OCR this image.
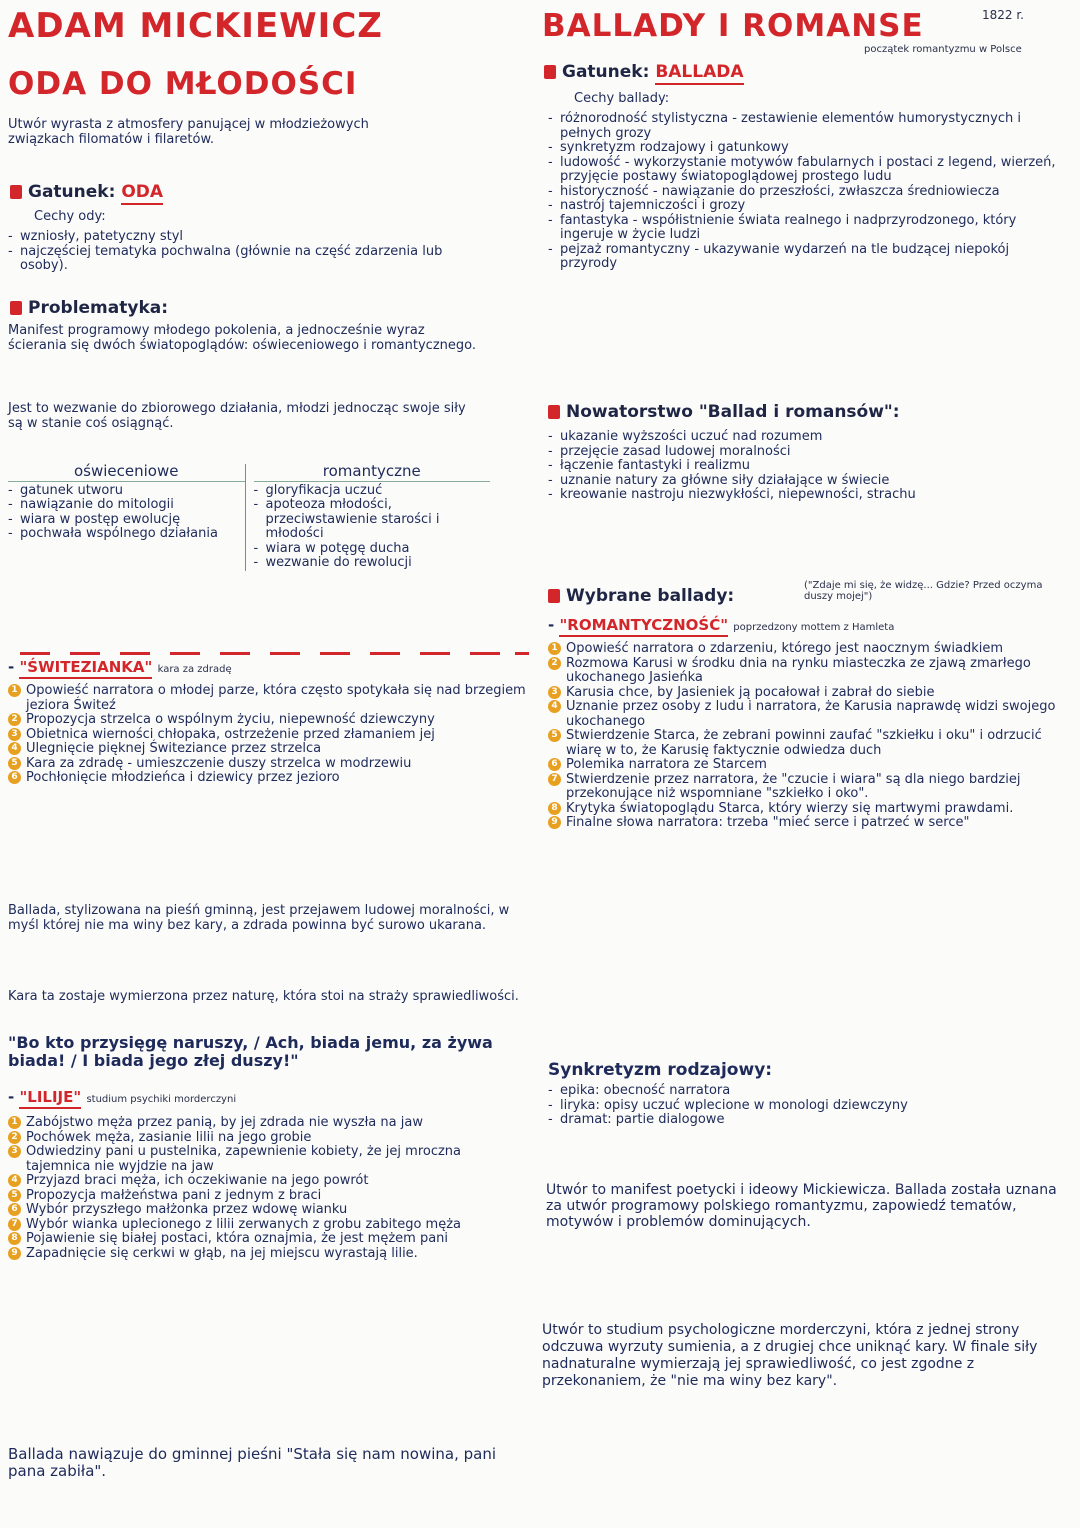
ADAM MICKIEWICZ
ODA DO MŁODOŚCI
Utwór wyrasta z atmosfery panującej w młodzieżowych związkach filomatów i filaretów.
Gatunek: ODA
Cechy ody:
- wzniosły, patetyczny styl
- najczęściej tematyka pochwalna (głównie na część zdarzenia lub osoby).
Problematyka:
Manifest programowy młodego pokolenia, a jednocześnie wyraz ścierania się dwóch światopoglądów: oświeceniowego i romantycznego.
Jest to wezwanie do zbiorowego działania, młodzi jednocząc swoje siły są w stanie coś osiągnąć.
oświeceniowe
- gatunek utworu
- nawiązanie do mitologii
- wiara w postęp ewolucję
- pochwała wspólnego działania
romantyczne
- gloryfikacja uczuć
- apoteoza młodości, przeciwstawienie starości i młodości
- wiara w potęgę ducha
- wezwanie do rewolucji
- "ŚWITEZIANKA" kara za zdradę
1 Opowieść narratora o młodej parze, która często spotykała się nad brzegiem jeziora Świteź
2 Propozycja strzelca o wspólnym życiu, niepewność dziewczyny
3 Obietnica wierności chłopaka, ostrzeżenie przed złamaniem jej
4 Ulegnięcie pięknej Świteziance przez strzelca
5 Kara za zdradę - umieszczenie duszy strzelca w modrzewiu
6 Pochłonięcie młodzieńca i dziewicy przez jezioro
Ballada, stylizowana na pieśń gminną, jest przejawem ludowej moralności, w myśl której nie ma winy bez kary, a zdrada powinna być surowo ukarana.
Kara ta zostaje wymierzona przez naturę, która stoi na straży sprawiedliwości.
"Bo kto przysięgę naruszy, / Ach, biada jemu, za żywa biada! / I biada jego złej duszy!"
- "LILIJE" studium psychiki morderczyni
1 Zabójstwo męża przez panią, by jej zdrada nie wyszła na jaw
2 Pochówek męża, zasianie lilii na jego grobie
3 Odwiedziny pani u pustelnika, zapewnienie kobiety, że jej mroczna tajemnica nie wyjdzie na jaw
4 Przyjazd braci męża, ich oczekiwanie na jego powrót
5 Propozycja małżeństwa pani z jednym z braci
6 Wybór przyszłego małżonka przez wdowę wianku
7 Wybór wianka uplecionego z lilii zerwanych z grobu zabitego męża
8 Pojawienie się białej postaci, która oznajmia, że jest mężem pani
9 Zapadnięcie się cerkwi w głąb, na jej miejscu wyrastają lilie.
Ballada nawiązuje do gminnej pieśni "Stała się nam nowina, pani pana zabiła".
BALLADY I ROMANSE	1822 r.
początek romantyzmu w Polsce
Gatunek: BALLADA
Cechy ballady:
- różnorodność stylistyczna - zestawienie elementów humorystycznych i pełnych grozy
- synkretyzm rodzajowy i gatunkowy
- ludowość - wykorzystanie motywów fabularnych i postaci z legend, wierzeń, przyjęcie postawy światopoglądowej prostego ludu
- historyczność - nawiązanie do przeszłości, zwłaszcza średniowiecza
- nastrój tajemniczości i grozy
- fantastyka - współistnienie świata realnego i nadprzyrodzonego, który ingeruje w życie ludzi
- pejzaż romantyczny - ukazywanie wydarzeń na tle budzącej niepokój przyrody
Nowatorstwo "Ballad i romansów":
- ukazanie wyższości uczuć nad rozumem
- przejęcie zasad ludowej moralności
- łączenie fantastyki i realizmu
- uznanie natury za główne siły działające w świecie
- kreowanie nastroju niezwykłości, niepewności, strachu
Wybrane ballady:
("Zdaje mi się, że widzę... Gdzie? Przed oczyma duszy mojej")
- "ROMANTYCZNOŚĆ" poprzedzony mottem z Hamleta
1 Opowieść narratora o zdarzeniu, którego jest naocznym świadkiem
2 Rozmowa Karusi w środku dnia na rynku miasteczka ze zjawą zmarłego ukochanego Jasieńka
3 Karusia chce, by Jasieniek ją pocałował i zabrał do siebie
4 Uznanie przez osoby z ludu i narratora, że Karusia naprawdę widzi swojego ukochanego
5 Stwierdzenie Starca, że zebrani powinni zaufać "szkiełku i oku" i odrzucić wiarę w to, że Karusię faktycznie odwiedza duch
6 Polemika narratora ze Starcem
7 Stwierdzenie przez narratora, że "czucie i wiara" są dla niego bardziej przekonujące niż wspomniane "szkiełko i oko".
8 Krytyka światopoglądu Starca, który wierzy się martwymi prawdami.
9 Finalne słowa narratora: trzeba "mieć serce i patrzeć w serce"
Synkretyzm rodzajowy:
- epika: obecność narratora
- liryka: opisy uczuć wplecione w monologi dziewczyny
- dramat: partie dialogowe
Utwór to manifest poetycki i ideowy Mickiewicza. Ballada została uznana za utwór programowy polskiego romantyzmu, zapowiedź tematów, motywów i problemów dominujących.
Utwór to studium psychologiczne morderczyni, która z jednej strony odczuwa wyrzuty sumienia, a z drugiej chce uniknąć kary. W finale siły nadnaturalne wymierzają jej sprawiedliwość, co jest zgodne z przekonaniem, że "nie ma winy bez kary".
